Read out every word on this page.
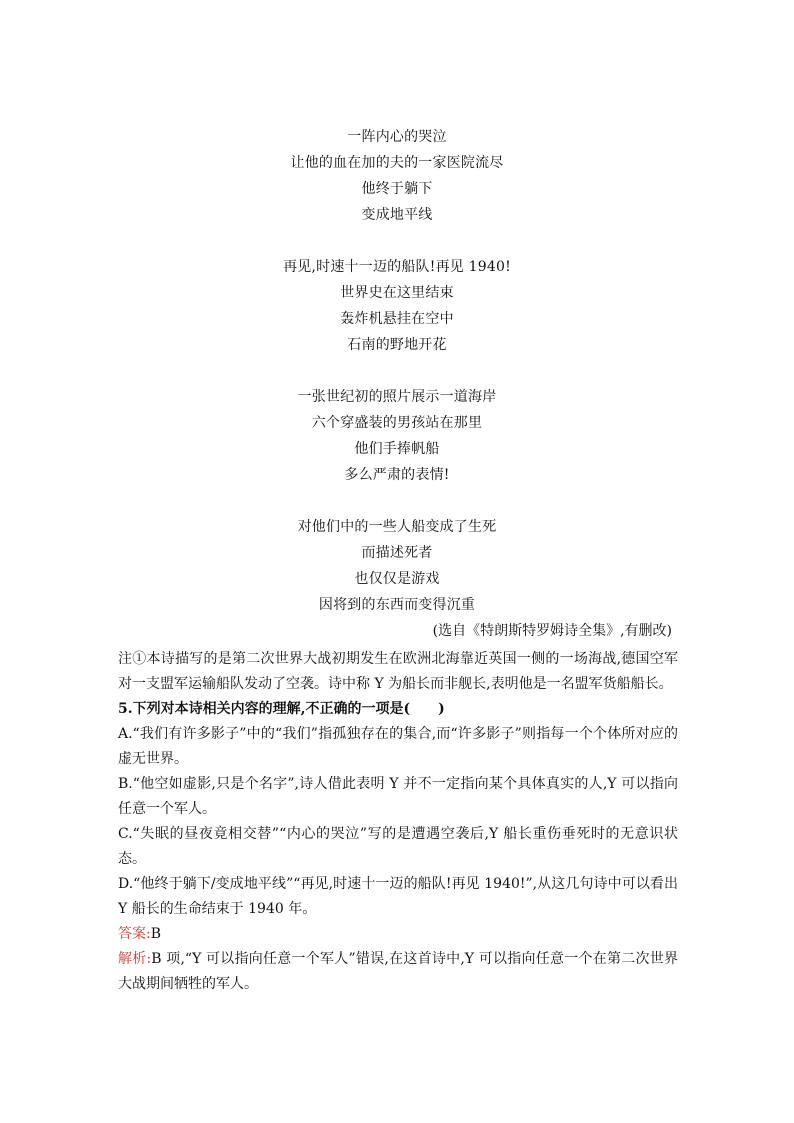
一阵内心的哭泣
让他的血在加的夫的一家医院流尽
他终于躺下
变成地平线
再见,时速十一迈的船队!再见 1940!
世界史在这里结束
轰炸机悬挂在空中
石南的野地开花
一张世纪初的照片展示一道海岸
六个穿盛装的男孩站在那里
他们手捧帆船
多么严肃的表情!
对他们中的一些人船变成了生死
而描述死者
也仅仅是游戏
因将到的东西而变得沉重
(选自《特朗斯特罗姆诗全集》,有删改)

注①本诗描写的是第二次世界大战初期发生在欧洲北海靠近英国一侧的一场海战,德国空军对一支盟军运输船队发动了空袭。诗中称 Y 为船长而非舰长,表明他是一名盟军货船船长。

5.下列对本诗相关内容的理解,不正确的一项是(　　)

A.“我们有许多影子”中的“我们”指孤独存在的集合,而“许多影子”则指每一个个体所对应的虚无世界。

B.“他空如虚影,只是个名字”,诗人借此表明 Y 并不一定指向某个具体真实的人,Y 可以指向任意一个军人。

C.“失眠的昼夜竟相交替”“内心的哭泣”写的是遭遇空袭后,Y 船长重伤垂死时的无意识状态。

D.“他终于躺下/变成地平线”“再见,时速十一迈的船队!再见 1940!”,从这几句诗中可以看出 Y 船长的生命结束于 1940 年。

答案:B

解析:B 项,“Y 可以指向任意一个军人”错误,在这首诗中,Y 可以指向任意一个在第二次世界大战期间牺牲的军人。
